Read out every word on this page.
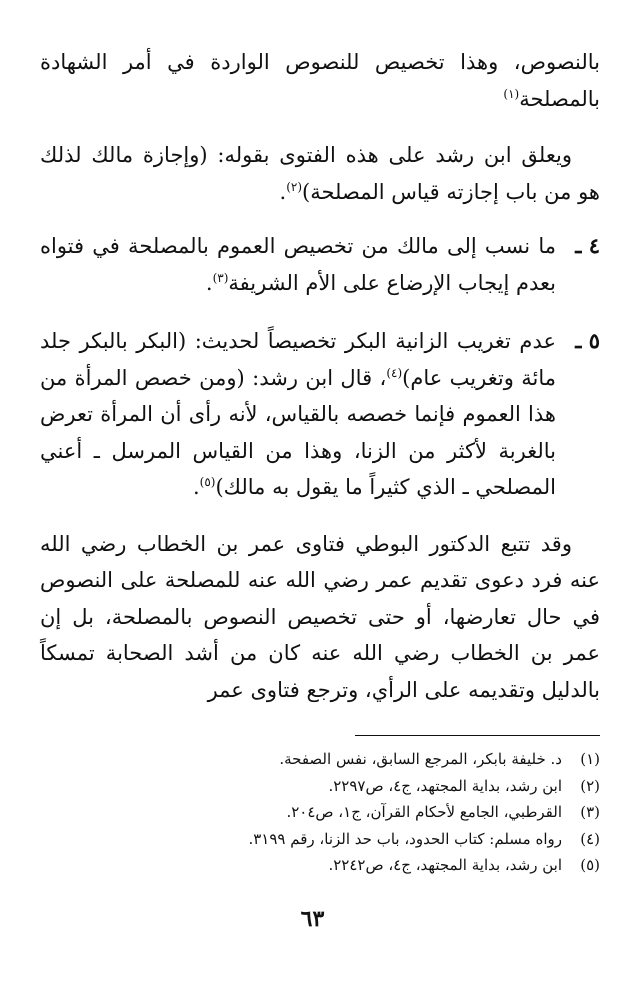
بالنصوص، وهذا تخصيص للنصوص الواردة في أمر الشهادة بالمصلحة$^{(١)}$

ويعلق ابن رشد على هذه الفتوى بقوله: (وإجازة مالك لذلك هو من باب إجازته قياس المصلحة)$^{(٢)}$.

٤ ـ
ما نسب إلى مالك من تخصيص العموم بالمصلحة في فتواه بعدم إيجاب الإرضاع على الأم الشريفة$^{(٣)}$.
٥ ـ
عدم تغريب الزانية البكر تخصيصاً لحديث: (البكر بالبكر جلد مائة وتغريب عام)$^{(٤)}$، قال ابن رشد: (ومن خصص المرأة من هذا العموم فإنما خصصه بالقياس، لأنه رأى أن المرأة تعرض بالغربة لأكثر من الزنا، وهذا من القياس المرسل ـ أعني المصلحي ـ الذي كثيراً ما يقول به مالك)$^{(٥)}$.

وقد تتبع الدكتور البوطي فتاوى عمر بن الخطاب رضي الله عنه فرد دعوى تقديم عمر رضي الله عنه للمصلحة على النصوص في حال تعارضها، أو حتى تخصيص النصوص بالمصلحة، بل إن عمر بن الخطاب رضي الله عنه كان من أشد الصحابة تمسكاً بالدليل وتقديمه على الرأي، وترجع فتاوى عمر

(١)
د. خليفة بابكر، المرجع السابق، نفس الصفحة.
(٢)
ابن رشد، بداية المجتهد، ج٤، ص٢٢٩٧.
(٣)
القرطبي، الجامع لأحكام القرآن، ج١، ص٢٠٤.
(٤)
رواه مسلم: كتاب الحدود، باب حد الزنا، رقم ٣١٩٩.
(٥)
ابن رشد، بداية المجتهد، ج٤، ص٢٢٤٢.
٦٣
